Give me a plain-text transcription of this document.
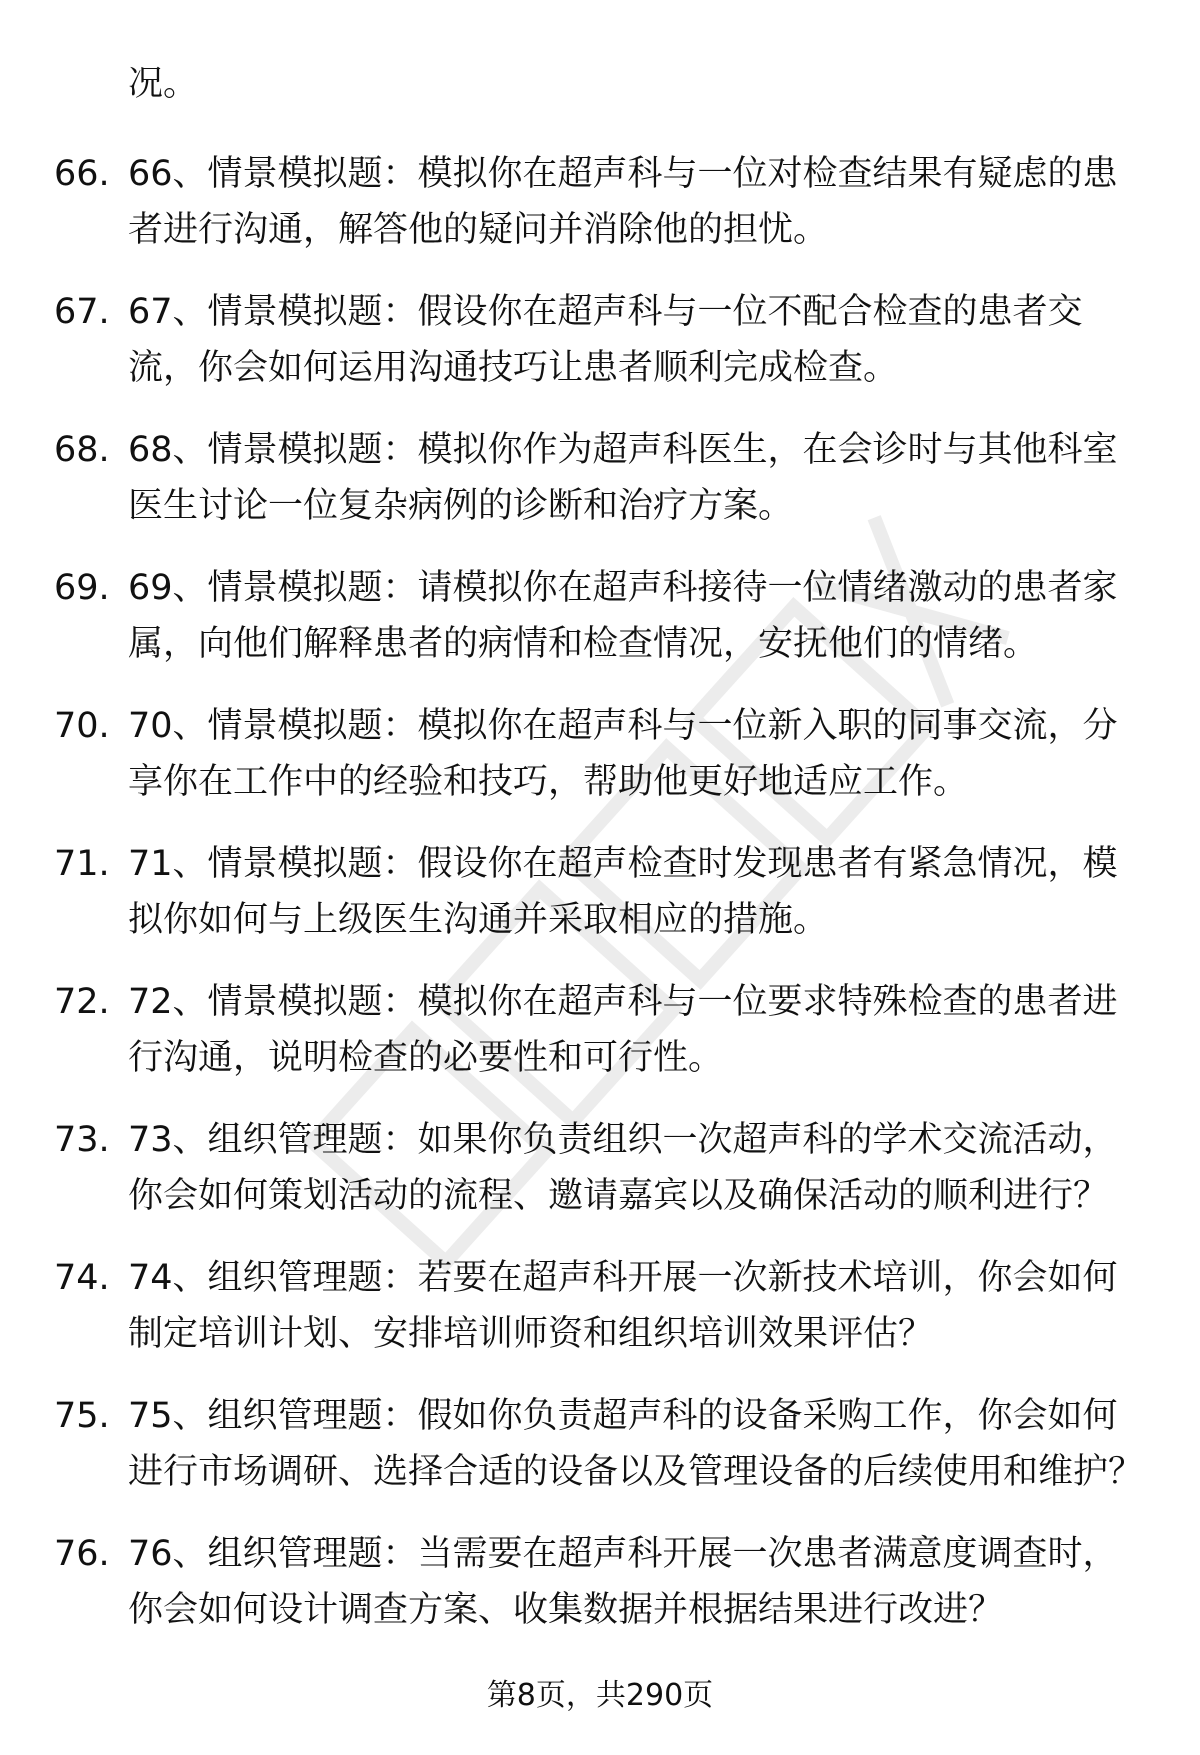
况。
66. 66、情景模拟题：模拟你在超声科与一位对检查结果有疑虑的患者进行沟通，解答他的疑问并消除他的担忧。
67. 67、情景模拟题：假设你在超声科与一位不配合检查的患者交流，你会如何运用沟通技巧让患者顺利完成检查。
68. 68、情景模拟题：模拟你作为超声科医生，在会诊时与其他科室医生讨论一位复杂病例的诊断和治疗方案。
69. 69、情景模拟题：请模拟你在超声科接待一位情绪激动的患者家属，向他们解释患者的病情和检查情况，安抚他们的情绪。
70. 70、情景模拟题：模拟你在超声科与一位新入职的同事交流，分享你在工作中的经验和技巧，帮助他更好地适应工作。
71. 71、情景模拟题：假设你在超声检查时发现患者有紧急情况，模拟你如何与上级医生沟通并采取相应的措施。
72. 72、情景模拟题：模拟你在超声科与一位要求特殊检查的患者进行沟通，说明检查的必要性和可行性。
73. 73、组织管理题：如果你负责组织一次超声科的学术交流活动，你会如何策划活动的流程、邀请嘉宾以及确保活动的顺利进行？
74. 74、组织管理题：若要在超声科开展一次新技术培训，你会如何制定培训计划、安排培训师资和组织培训效果评估？
75. 75、组织管理题：假如你负责超声科的设备采购工作，你会如何进行市场调研、选择合适的设备以及管理设备的后续使用和维护？
76. 76、组织管理题：当需要在超声科开展一次患者满意度调查时，你会如何设计调查方案、收集数据并根据结果进行改进？
第8页，共290页
